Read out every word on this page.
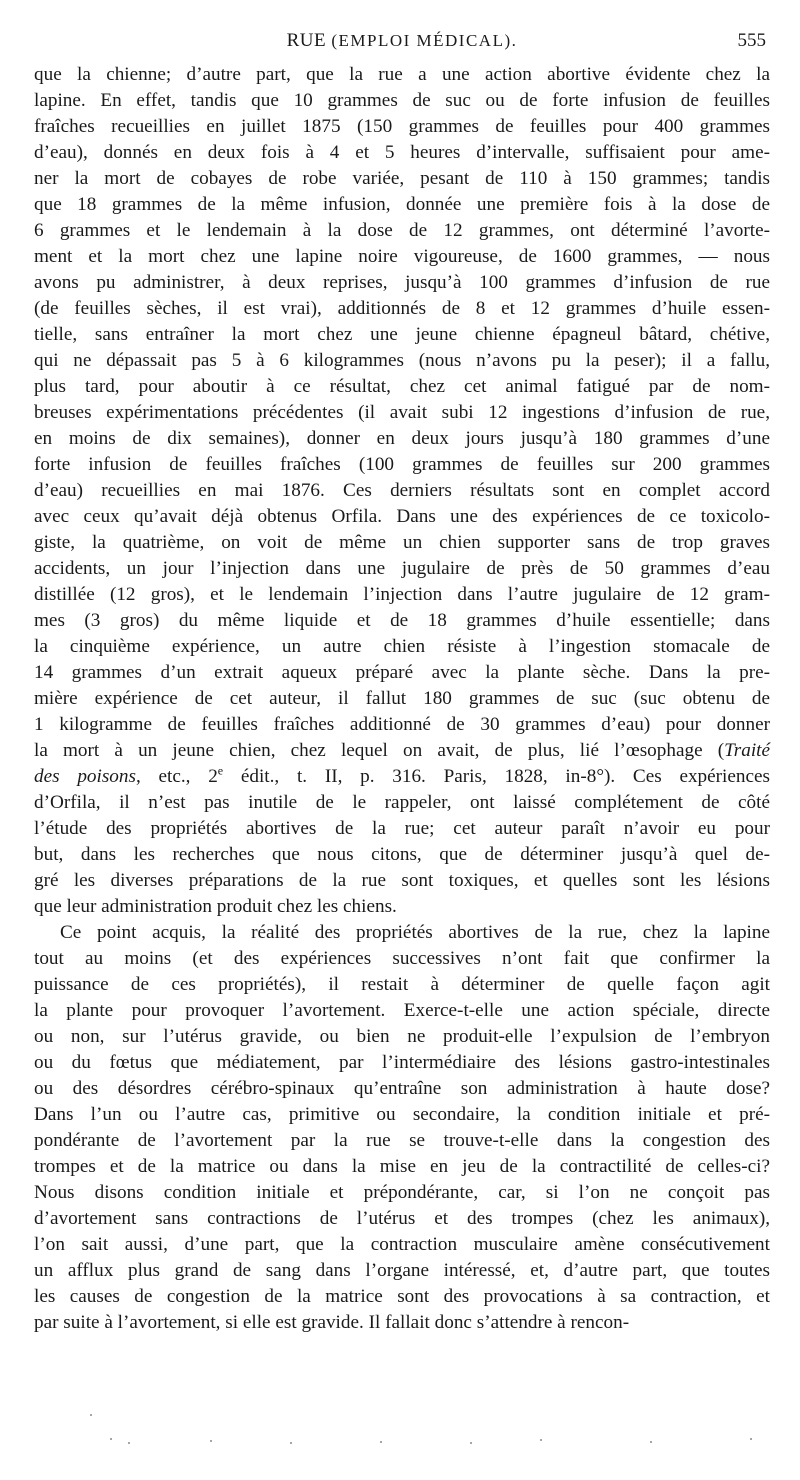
RUE (EMPLOI MÉDICAL).	555
que la chienne; d’autre part, que la rue a une action abortive évidente chez la
lapine. En effet, tandis que 10 grammes de suc ou de forte infusion de feuilles
fraîches recueillies en juillet 1875 (150 grammes de feuilles pour 400 grammes
d’eau), donnés en deux fois à 4 et 5 heures d’intervalle, suffisaient pour ame-
ner la mort de cobayes de robe variée, pesant de 110 à 150 grammes; tandis
que 18 grammes de la même infusion, donnée une première fois à la dose de
6 grammes et le lendemain à la dose de 12 grammes, ont déterminé l’avorte-
ment et la mort chez une lapine noire vigoureuse, de 1600 grammes, — nous
avons pu administrer, à deux reprises, jusqu’à 100 grammes d’infusion de rue
(de feuilles sèches, il est vrai), additionnés de 8 et 12 grammes d’huile essen-
tielle, sans entraîner la mort chez une jeune chienne épagneul bâtard, chétive,
qui ne dépassait pas 5 à 6 kilogrammes (nous n’avons pu la peser); il a fallu,
plus tard, pour aboutir à ce résultat, chez cet animal fatigué par de nom-
breuses expérimentations précédentes (il avait subi 12 ingestions d’infusion de rue,
en moins de dix semaines), donner en deux jours jusqu’à 180 grammes d’une
forte infusion de feuilles fraîches (100 grammes de feuilles sur 200 grammes
d’eau) recueillies en mai 1876. Ces derniers résultats sont en complet accord
avec ceux qu’avait déjà obtenus Orfila. Dans une des expériences de ce toxicolo-
giste, la quatrième, on voit de même un chien supporter sans de trop graves
accidents, un jour l’injection dans une jugulaire de près de 50 grammes d’eau
distillée (12 gros), et le lendemain l’injection dans l’autre jugulaire de 12 gram-
mes (3 gros) du même liquide et de 18 grammes d’huile essentielle; dans
la cinquième expérience, un autre chien résiste à l’ingestion stomacale de
14 grammes d’un extrait aqueux préparé avec la plante sèche. Dans la pre-
mière expérience de cet auteur, il fallut 180 grammes de suc (suc obtenu de
1 kilogramme de feuilles fraîches additionné de 30 grammes d’eau) pour donner
la mort à un jeune chien, chez lequel on avait, de plus, lié l’œsophage (Traité
des poisons, etc., 2e édit., t. II, p. 316. Paris, 1828, in-8°). Ces expériences
d’Orfila, il n’est pas inutile de le rappeler, ont laissé complétement de côté
l’étude des propriétés abortives de la rue; cet auteur paraît n’avoir eu pour
but, dans les recherches que nous citons, que de déterminer jusqu’à quel de-
gré les diverses préparations de la rue sont toxiques, et quelles sont les lésions
que leur administration produit chez les chiens.
Ce point acquis, la réalité des propriétés abortives de la rue, chez la lapine
tout au moins (et des expériences successives n’ont fait que confirmer la
puissance de ces propriétés), il restait à déterminer de quelle façon agit
la plante pour provoquer l’avortement. Exerce-t-elle une action spéciale, directe
ou non, sur l’utérus gravide, ou bien ne produit-elle l’expulsion de l’embryon
ou du fœtus que médiatement, par l’intermédiaire des lésions gastro-intestinales
ou des désordres cérébro-spinaux qu’entraîne son administration à haute dose?
Dans l’un ou l’autre cas, primitive ou secondaire, la condition initiale et pré-
pondérante de l’avortement par la rue se trouve-t-elle dans la congestion des
trompes et de la matrice ou dans la mise en jeu de la contractilité de celles-ci?
Nous disons condition initiale et prépondérante, car, si l’on ne conçoit pas
d’avortement sans contractions de l’utérus et des trompes (chez les animaux),
l’on sait aussi, d’une part, que la contraction musculaire amène consécutivement
un afflux plus grand de sang dans l’organe intéressé, et, d’autre part, que toutes
les causes de congestion de la matrice sont des provocations à sa contraction, et
par suite à l’avortement, si elle est gravide. Il fallait donc s’attendre à rencon-
